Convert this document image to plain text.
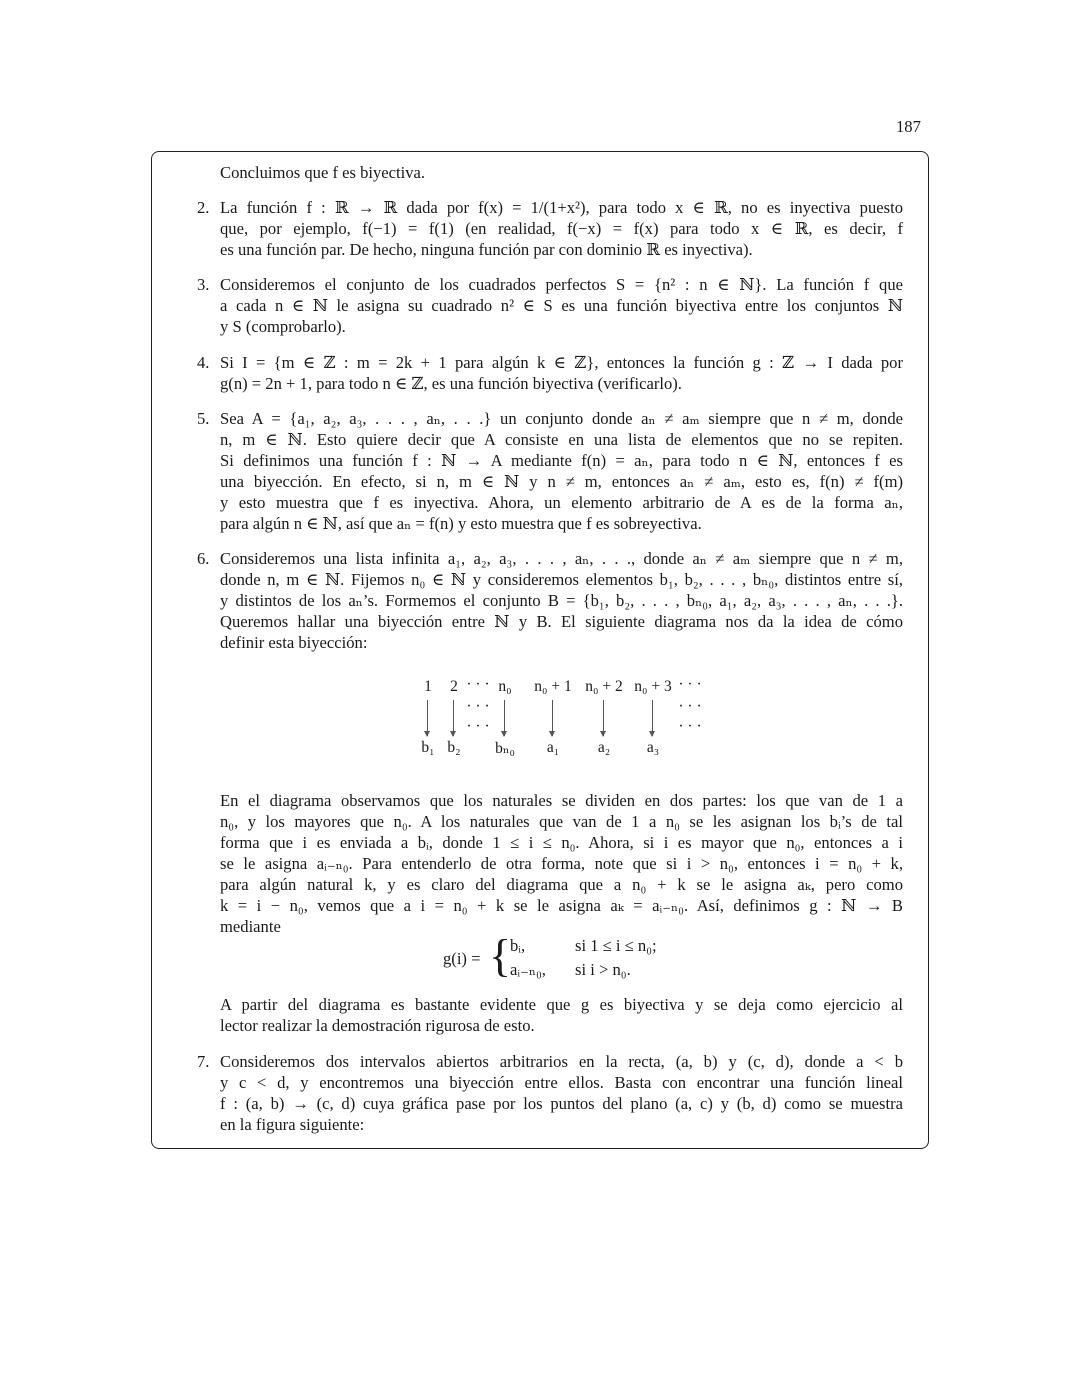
187
Concluimos que f es biyectiva.
2. La función f : ℝ → ℝ dada por f(x) = 1/(1+x²), para todo x ∈ ℝ, no es inyectiva puesto
que, por ejemplo, f(−1) = f(1) (en realidad, f(−x) = f(x) para todo x ∈ ℝ, es decir, f
es una función par. De hecho, ninguna función par con dominio ℝ es inyectiva).
3. Consideremos el conjunto de los cuadrados perfectos S = {n² : n ∈ ℕ}. La función f que
a cada n ∈ ℕ le asigna su cuadrado n² ∈ S es una función biyectiva entre los conjuntos ℕ
y S (comprobarlo).
4. Si I = {m ∈ ℤ : m = 2k + 1 para algún k ∈ ℤ}, entonces la función g : ℤ → I dada por
g(n) = 2n + 1, para todo n ∈ ℤ, es una función biyectiva (verificarlo).
5. Sea A = {a₁, a₂, a₃, . . . , aₙ, . . .} un conjunto donde aₙ ≠ aₘ siempre que n ≠ m, donde
n, m ∈ ℕ. Esto quiere decir que A consiste en una lista de elementos que no se repiten.
Si definimos una función f : ℕ → A mediante f(n) = aₙ, para todo n ∈ ℕ, entonces f es
una biyección. En efecto, si n, m ∈ ℕ y n ≠ m, entonces aₙ ≠ aₘ, esto es, f(n) ≠ f(m)
y esto muestra que f es inyectiva. Ahora, un elemento arbitrario de A es de la forma aₙ,
para algún n ∈ ℕ, así que aₙ = f(n) y esto muestra que f es sobreyectiva.
6. Consideremos una lista infinita a₁, a₂, a₃, . . . , aₙ, . . ., donde aₙ ≠ aₘ siempre que n ≠ m,
donde n, m ∈ ℕ. Fijemos n₀ ∈ ℕ y consideremos elementos b₁, b₂, . . . , bₙ₀, distintos entre sí,
y distintos de los aₙ’s. Formemos el conjunto B = {b₁, b₂, . . . , bₙ₀, a₁, a₂, a₃, . . . , aₙ, . . .}.
Queremos hallar una biyección entre ℕ y B. El siguiente diagrama nos da la idea de cómo
definir esta biyección:
En el diagrama observamos que los naturales se dividen en dos partes: los que van de 1 a
n₀, y los mayores que n₀. A los naturales que van de 1 a n₀ se les asignan los bᵢ’s de tal
forma que i es enviada a bᵢ, donde 1 ≤ i ≤ n₀. Ahora, si i es mayor que n₀, entonces a i
se le asigna aᵢ₋ₙ₀. Para entenderlo de otra forma, note que si i > n₀, entonces i = n₀ + k,
para algún natural k, y es claro del diagrama que a n₀ + k se le asigna aₖ, pero como
k = i − n₀, vemos que a i = n₀ + k se le asigna aₖ = aᵢ₋ₙ₀. Así, definimos g : ℕ → B
mediante
A partir del diagrama es bastante evidente que g es biyectiva y se deja como ejercicio al
lector realizar la demostración rigurosa de esto.
7. Consideremos dos intervalos abiertos arbitrarios en la recta, (a, b) y (c, d), donde a < b
y c < d, y encontremos una biyección entre ellos. Basta con encontrar una función lineal
f : (a, b) → (c, d) cuya gráfica pase por los puntos del plano (a, c) y (b, d) como se muestra
en la figura siguiente:
g(i) = {
bᵢ,	si 1 ≤ i ≤ n₀;
aᵢ₋ₙ₀, si i > n₀.
1
b₁
2
b₂
n₀
bₙ₀
n₀ + 1
a₁
n₀ + 2
a₂
n₀ + 3
a₃
· · ·
· · ·
· · ·
· · ·
· · ·
· · ·
